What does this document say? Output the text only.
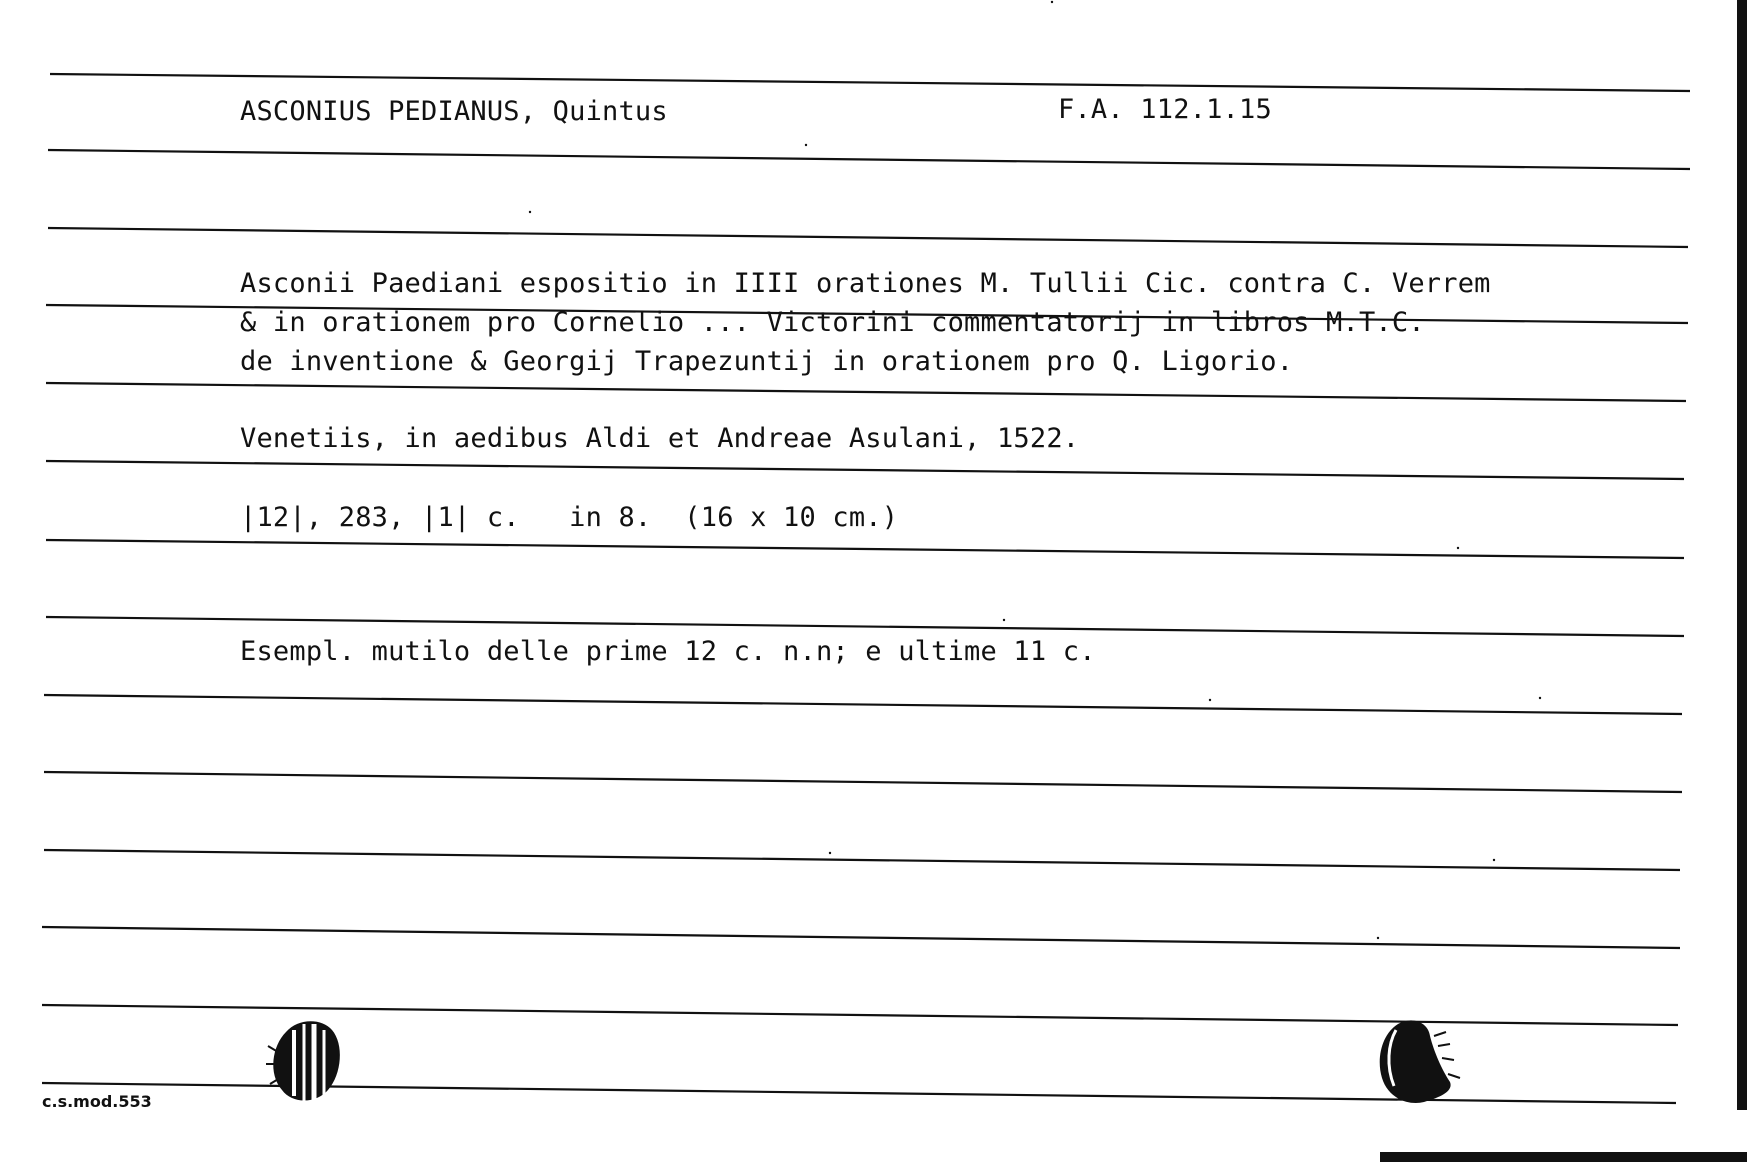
ASCONIUS PEDIANUS, Quintus	F.A. 112.1.15
Asconii Paediani espositio in IIII orationes M. Tullii Cic. contra C. Verrem
& in orationem pro Cornelio ... Victorini commentatorij in libros M.T.C.
de inventione & Georgij Trapezuntij in orationem pro Q. Ligorio.
Venetiis, in aedibus Aldi et Andreae Asulani, 1522.
|12|, 283, |1| c.   in 8.  (16 x 10 cm.)
Esempl. mutilo delle prime 12 c. n.n; e ultime 11 c.
c.s.mod.553
